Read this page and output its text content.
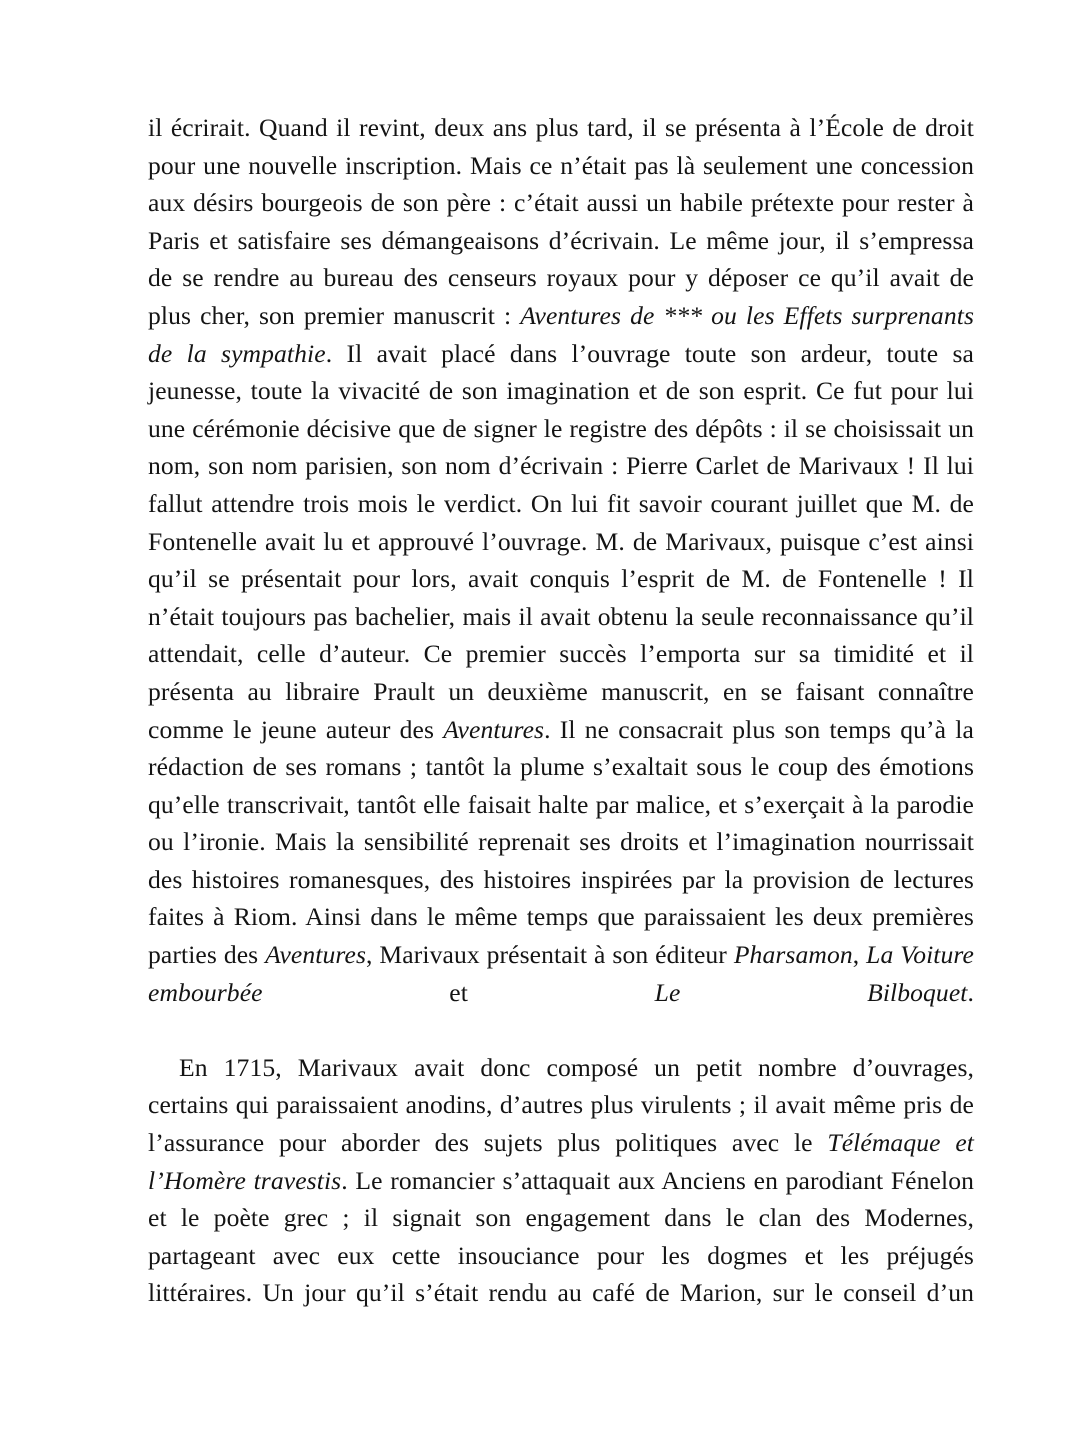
il écrirait. Quand il revint, deux ans plus tard, il se présenta à l’École de droit pour une nouvelle inscription. Mais ce n’était pas là seulement une concession aux désirs bourgeois de son père : c’était aussi un habile prétexte pour rester à Paris et satisfaire ses démangeaisons d’écrivain. Le même jour, il s’empressa de se rendre au bureau des censeurs royaux pour y déposer ce qu’il avait de plus cher, son premier manuscrit : Aventures de *** ou les Effets surprenants de la sympathie. Il avait placé dans l’ouvrage toute son ardeur, toute sa jeunesse, toute la vivacité de son imagination et de son esprit. Ce fut pour lui une cérémonie décisive que de signer le registre des dépôts : il se choisissait un nom, son nom parisien, son nom d’écrivain : Pierre Carlet de Marivaux ! Il lui fallut attendre trois mois le verdict. On lui fit savoir courant juillet que M. de Fontenelle avait lu et approuvé l’ouvrage. M. de Marivaux, puisque c’est ainsi qu’il se présentait pour lors, avait conquis l’esprit de M. de Fontenelle ! Il n’était toujours pas bachelier, mais il avait obtenu la seule reconnaissance qu’il attendait, celle d’auteur. Ce premier succès l’emporta sur sa timidité et il présenta au libraire Prault un deuxième manuscrit, en se faisant connaître comme le jeune auteur des Aventures. Il ne consacrait plus son temps qu’à la rédaction de ses romans ; tantôt la plume s’exaltait sous le coup des émotions qu’elle transcrivait, tantôt elle faisait halte par malice, et s’exerçait à la parodie ou l’ironie. Mais la sensibilité reprenait ses droits et l’imagination nourrissait des histoires romanesques, des histoires inspirées par la provision de lectures faites à Riom. Ainsi dans le même temps que paraissaient les deux premières parties des Aventures, Marivaux présentait à son éditeur Pharsamon, La Voiture embourbée et Le Bilboquet.

En 1715, Marivaux avait donc composé un petit nombre d’ouvrages, certains qui paraissaient anodins, d’autres plus virulents ; il avait même pris de l’assurance pour aborder des sujets plus politiques avec le Télémaque et l’Homère travestis. Le romancier s’attaquait aux Anciens en parodiant Fénelon et le poète grec ; il signait son engagement dans le clan des Modernes, partageant avec eux cette insouciance pour les dogmes et les préjugés littéraires. Un jour qu’il s’était rendu au café de Marion, sur le conseil d’un
